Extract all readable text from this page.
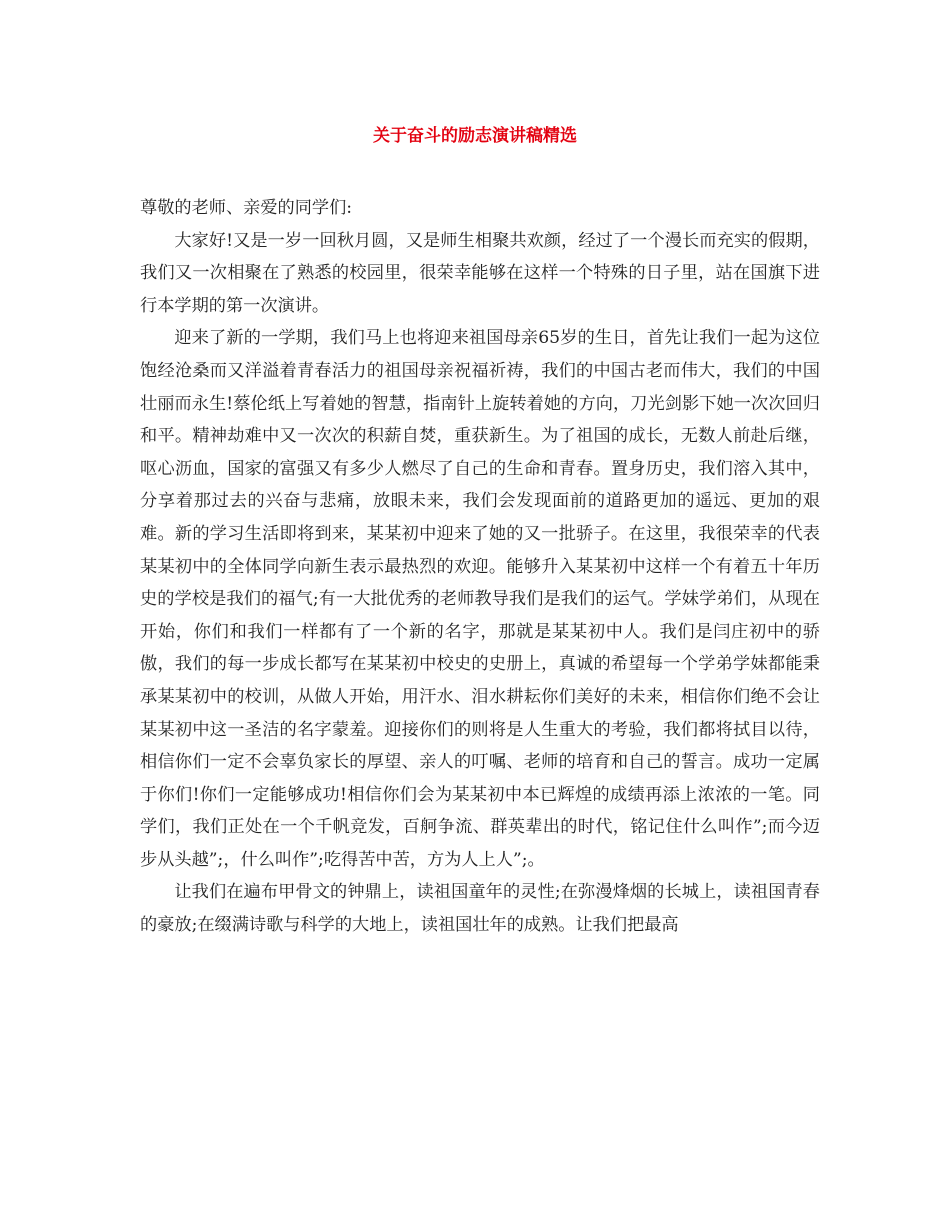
关于奋斗的励志演讲稿精选

尊敬的老师、亲爱的同学们:

大家好!又是一岁一回秋月圆，又是师生相聚共欢颜，经过了一个漫长而充实的假期，我们又一次相聚在了熟悉的校园里，很荣幸能够在这样一个特殊的日子里，站在国旗下进行本学期的第一次演讲。

迎来了新的一学期，我们马上也将迎来祖国母亲65岁的生日，首先让我们一起为这位饱经沧桑而又洋溢着青春活力的祖国母亲祝福祈祷，我们的中国古老而伟大，我们的中国壮丽而永生!蔡伦纸上写着她的智慧，指南针上旋转着她的方向，刀光剑影下她一次次回归和平。精神劫难中又一次次的积薪自焚，重获新生。为了祖国的成长，无数人前赴后继，呕心沥血，国家的富强又有多少人燃尽了自己的生命和青春。置身历史，我们溶入其中，分享着那过去的兴奋与悲痛，放眼未来，我们会发现面前的道路更加的遥远、更加的艰难。新的学习生活即将到来，某某初中迎来了她的又一批骄子。在这里，我很荣幸的代表某某初中的全体同学向新生表示最热烈的欢迎。能够升入某某初中这样一个有着五十年历史的学校是我们的福气;有一大批优秀的老师教导我们是我们的运气。学妹学弟们，从现在开始，你们和我们一样都有了一个新的名字，那就是某某初中人。我们是闫庄初中的骄傲，我们的每一步成长都写在某某初中校史的史册上，真诚的希望每一个学弟学妹都能秉承某某初中的校训，从做人开始，用汗水、泪水耕耘你们美好的未来，相信你们绝不会让某某初中这一圣洁的名字蒙羞。迎接你们的则将是人生重大的考验，我们都将拭目以待，相信你们一定不会辜负家长的厚望、亲人的叮嘱、老师的培育和自己的誓言。成功一定属于你们!你们一定能够成功!相信你们会为某某初中本已辉煌的成绩再添上浓浓的一笔。同学们，我们正处在一个千帆竞发，百舸争流、群英辈出的时代，铭记住什么叫作”;而今迈步从头越”;，什么叫作”;吃得苦中苦，方为人上人”;。

让我们在遍布甲骨文的钟鼎上，读祖国童年的灵性;在弥漫烽烟的长城上，读祖国青春的豪放;在缀满诗歌与科学的大地上，读祖国壮年的成熟。让我们把最高
